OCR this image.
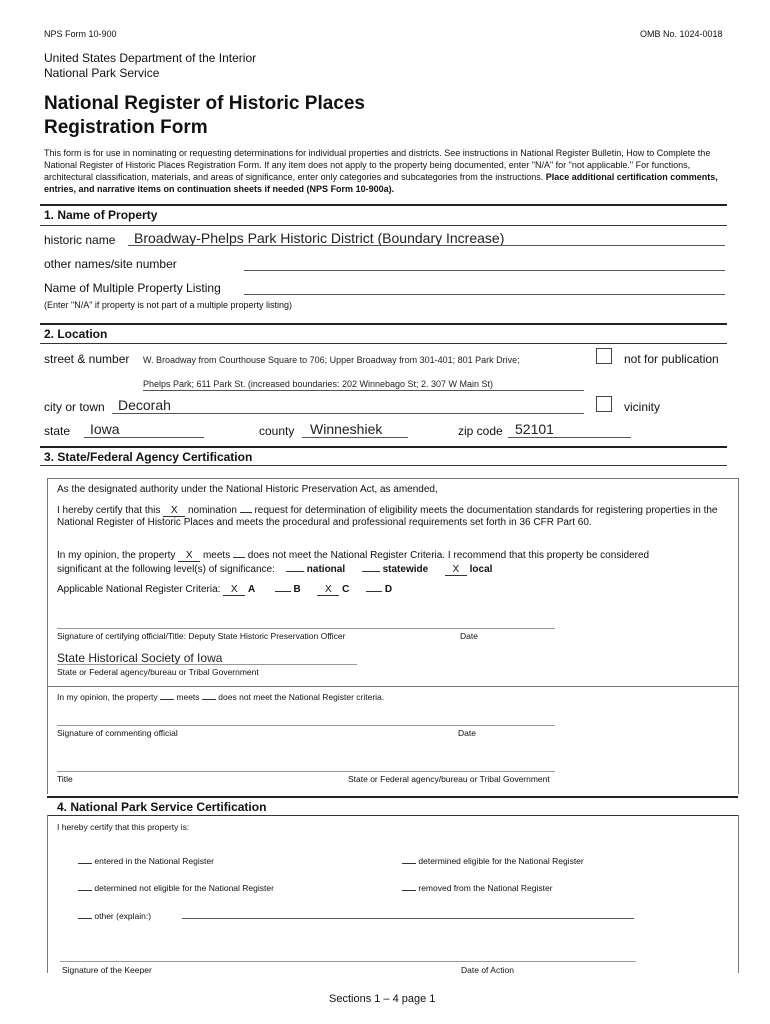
NPS Form 10-900	OMB No. 1024-0018
United States Department of the Interior
National Park Service
National Register of Historic Places
Registration Form
This form is for use in nominating or requesting determinations for individual properties and districts. See instructions in National Register Bulletin, How to Complete the National Register of Historic Places Registration Form. If any item does not apply to the property being documented, enter "N/A" for "not applicable." For functions, architectural classification, materials, and areas of significance, enter only categories and subcategories from the instructions. Place additional certification comments, entries, and narrative items on continuation sheets if needed (NPS Form 10-900a).
1. Name of Property
historic name Broadway-Phelps Park Historic District (Boundary Increase)
other names/site number
Name of Multiple Property Listing
(Enter "N/A" if property is not part of a multiple property listing)
2. Location
street & number W. Broadway from Courthouse Square to 706; Upper Broadway from 301-401; 801 Park Drive;	not for publication
Phelps Park; 611 Park St. (increased boundaries: 202 Winnebago St; 2. 307 W Main St)
city or town Decorah	vicinity
state Iowa	county Winneshiek	zip code 52101
3. State/Federal Agency Certification
As the designated authority under the National Historic Preservation Act, as amended,
I hereby certify that this X nomination request for determination of eligibility meets the documentation standards for registering properties in the National Register of Historic Places and meets the procedural and professional requirements set forth in 36 CFR Part 60.
In my opinion, the property X meets does not meet the National Register Criteria. I recommend that this property be considered
significant at the following level(s) of significance:	national	statewide X local
Applicable National Register Criteria: X A	B X C	D
Signature of certifying official/Title: Deputy State Historic Preservation Officer	Date
State Historical Society of Iowa
State or Federal agency/bureau or Tribal Government
In my opinion, the property meets does not meet the National Register criteria.
Signature of commenting official	Date
Title	State or Federal agency/bureau or Tribal Government
4. National Park Service Certification
I hereby certify that this property is:
entered in the National Register	determined eligible for the National Register
determined not eligible for the National Register	removed from the National Register
other (explain:)
Signature of the Keeper	Date of Action
Sections 1 – 4 page 1
